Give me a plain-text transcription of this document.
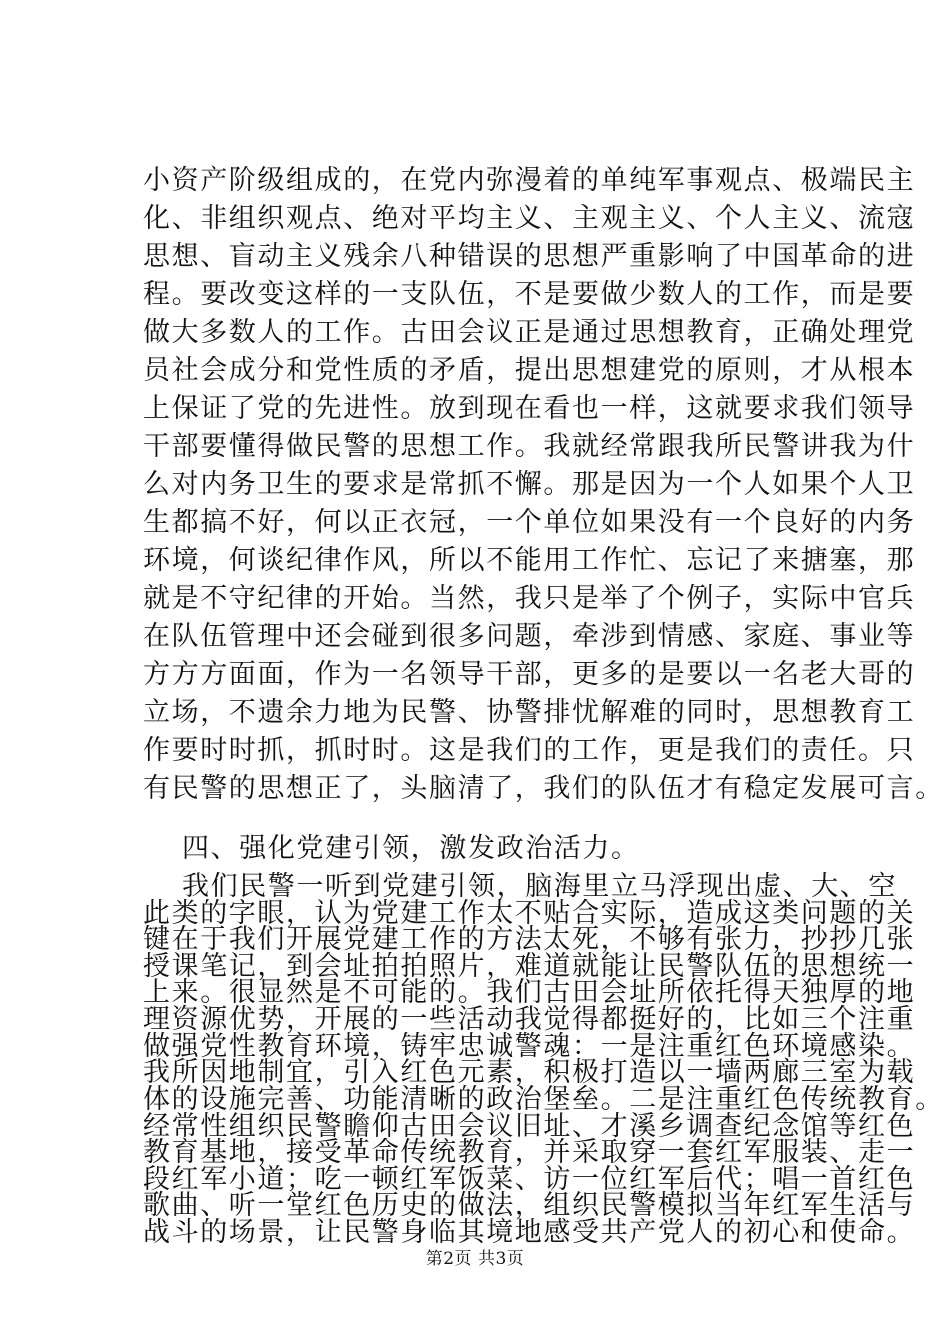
小资产阶级组成的，在党内弥漫着的单纯军事观点、极端民主
化、非组织观点、绝对平均主义、主观主义、个人主义、流寇
思想、盲动主义残余八种错误的思想严重影响了中国革命的进
程。要改变这样的一支队伍，不是要做少数人的工作，而是要
做大多数人的工作。古田会议正是通过思想教育，正确处理党
员社会成分和党性质的矛盾，提出思想建党的原则，才从根本
上保证了党的先进性。放到现在看也一样，这就要求我们领导
干部要懂得做民警的思想工作。我就经常跟我所民警讲我为什
么对内务卫生的要求是常抓不懈。那是因为一个人如果个人卫
生都搞不好，何以正衣冠，一个单位如果没有一个良好的内务
环境，何谈纪律作风，所以不能用工作忙、忘记了来搪塞，那
就是不守纪律的开始。当然，我只是举了个例子，实际中官兵
在队伍管理中还会碰到很多问题，牵涉到情感、家庭、事业等
方方方面面，作为一名领导干部，更多的是要以一名老大哥的
立场，不遗余力地为民警、协警排忧解难的同时，思想教育工
作要时时抓，抓时时。这是我们的工作，更是我们的责任。只
有民警的思想正了，头脑清了，我们的队伍才有稳定发展可言。
四、强化党建引领，激发政治活力。
我们民警一听到党建引领，脑海里立马浮现出虚、大、空
此类的字眼，认为党建工作太不贴合实际，造成这类问题的关
键在于我们开展党建工作的方法太死，不够有张力，抄抄几张
授课笔记，到会址拍拍照片，难道就能让民警队伍的思想统一
上来。很显然是不可能的。我们古田会址所依托得天独厚的地
理资源优势，开展的一些活动我觉得都挺好的，比如三个注重
做强党性教育环境，铸牢忠诚警魂：一是注重红色环境感染。
我所因地制宜，引入红色元素，积极打造以一墙两廊三室为载
体的设施完善、功能清晰的政治堡垒。二是注重红色传统教育。
经常性组织民警瞻仰古田会议旧址、才溪乡调查纪念馆等红色
教育基地，接受革命传统教育，并采取穿一套红军服装、走一
段红军小道；吃一顿红军饭菜、访一位红军后代；唱一首红色
歌曲、听一堂红色历史的做法，组织民警模拟当年红军生活与
战斗的场景，让民警身临其境地感受共产党人的初心和使命。
第2页 共3页
